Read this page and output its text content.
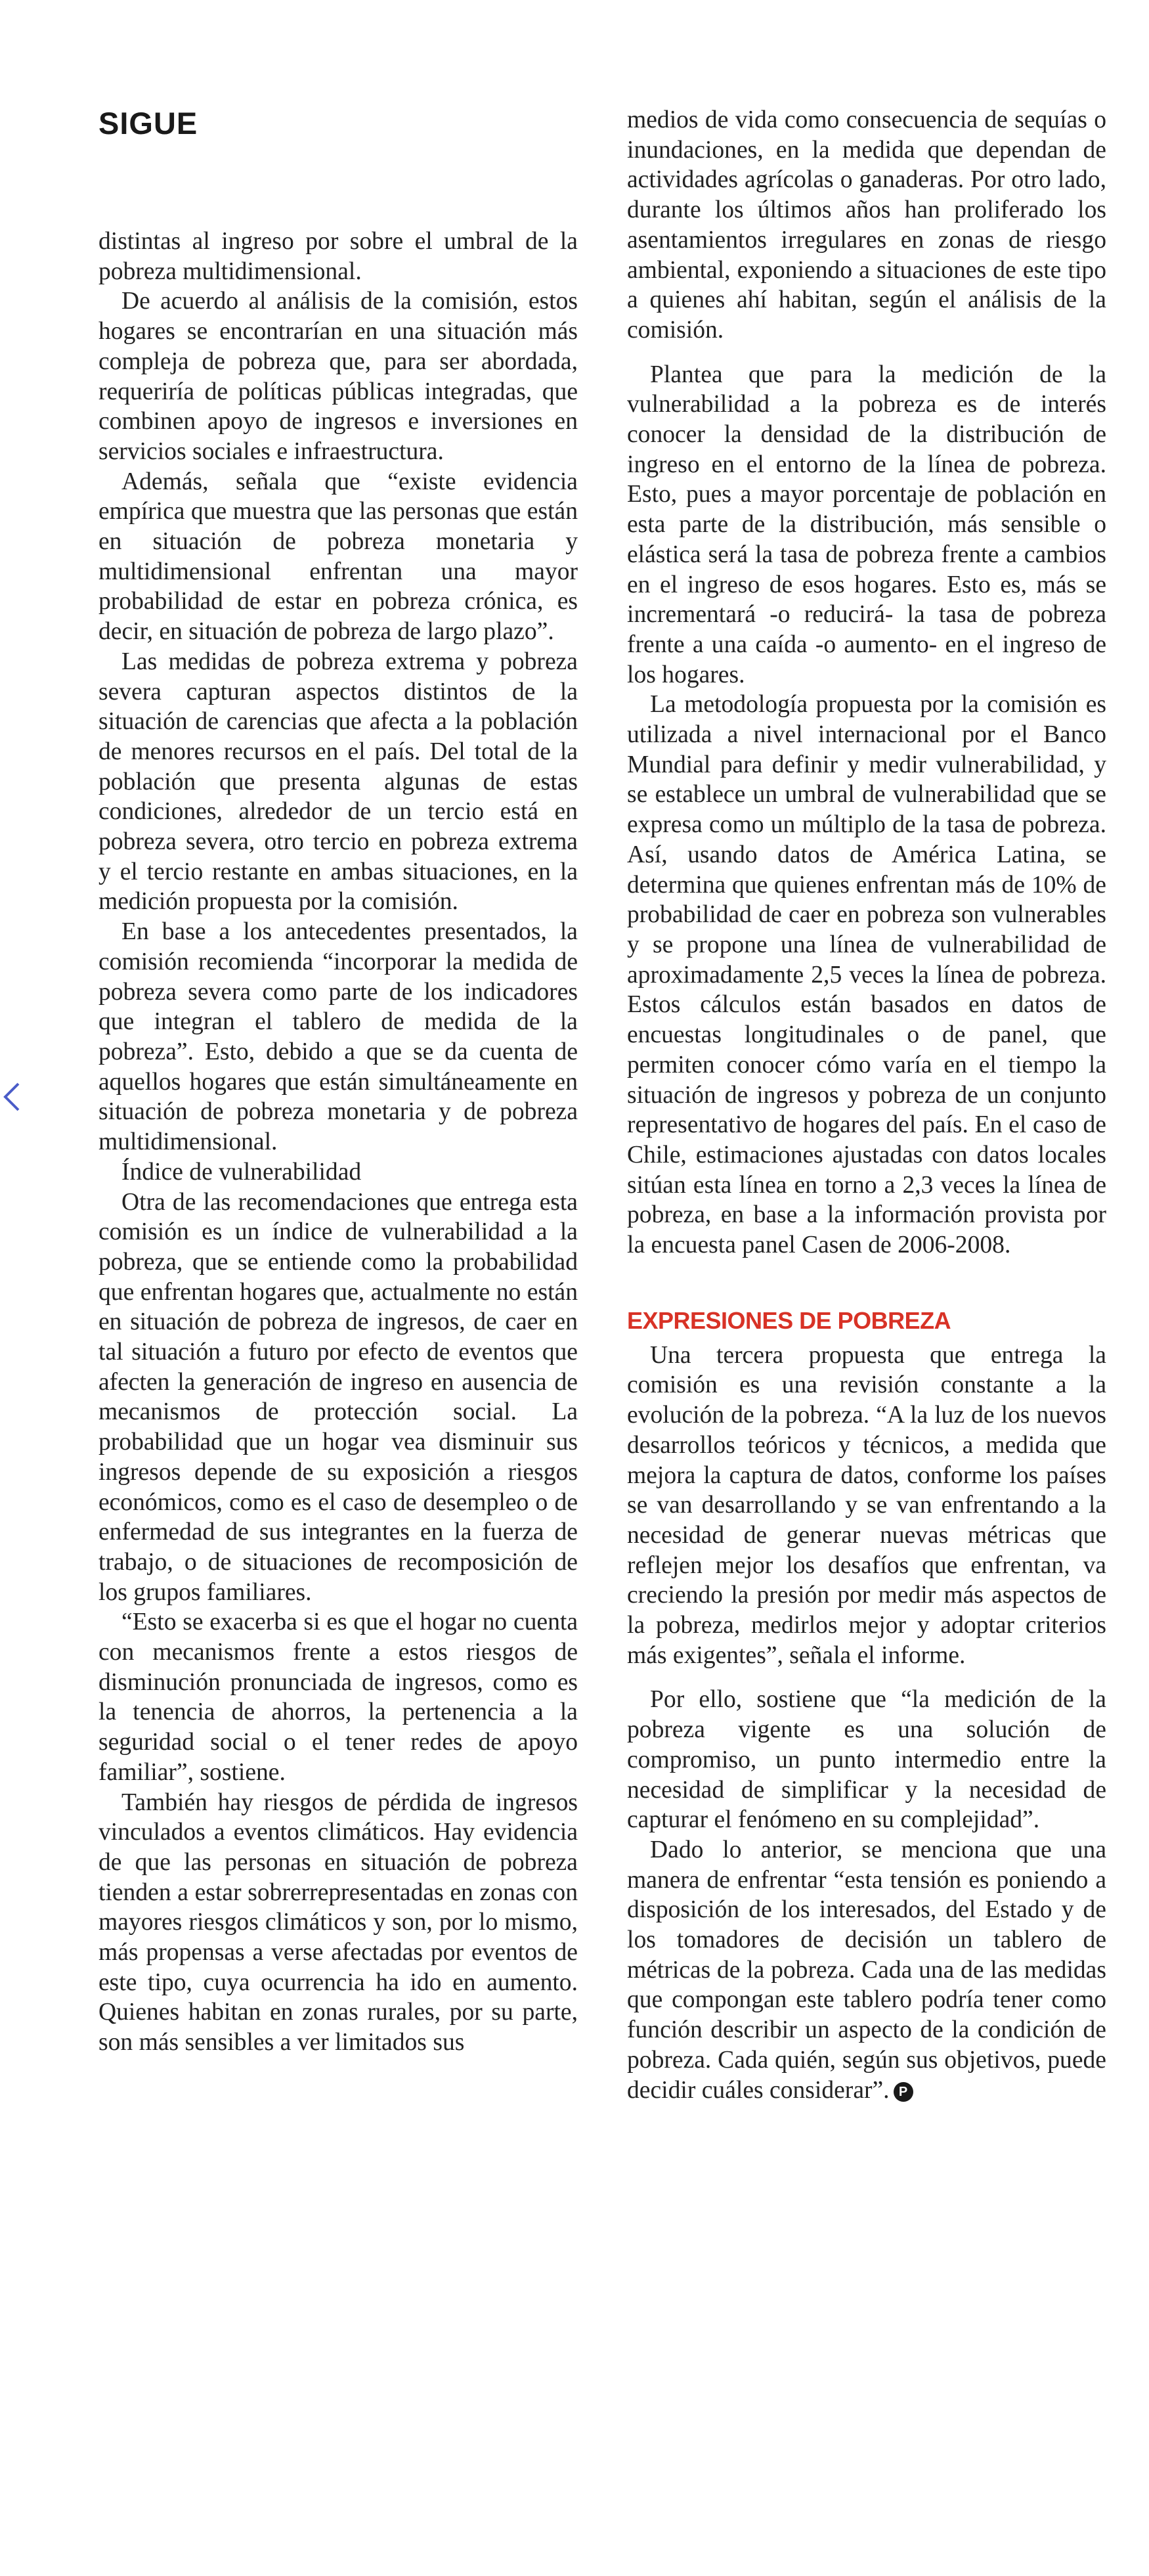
SIGUE

distintas al ingreso por sobre el umbral de la pobreza multidimensional.

De acuerdo al análisis de la comisión, estos hogares se encontrarían en una situación más compleja de pobreza que, para ser abordada, requeriría de políticas públicas integradas, que combinen apoyo de ingresos e inversiones en servicios sociales e infraestructura.

Además, señala que “existe evidencia empírica que muestra que las personas que están en situación de pobreza monetaria y multidimensional enfrentan una mayor probabilidad de estar en pobreza crónica, es decir, en situación de pobreza de largo plazo”.

Las medidas de pobreza extrema y pobreza severa capturan aspectos distintos de la situación de carencias que afecta a la población de menores recursos en el país. Del total de la población que presenta algunas de estas condiciones, alrededor de un tercio está en pobreza severa, otro tercio en pobreza extrema y el tercio restante en ambas situaciones, en la medición propuesta por la comisión.

En base a los antecedentes presentados, la comisión recomienda “incorporar la medida de pobreza severa como parte de los indicadores que integran el tablero de medida de la pobreza”. Esto, debido a que se da cuenta de aquellos hogares que están simultáneamente en situación de pobreza monetaria y de pobreza multidimensional.

Índice de vulnerabilidad

Otra de las recomendaciones que entrega esta comisión es un índice de vulnerabilidad a la pobreza, que se entiende como la probabilidad que enfrentan hogares que, actualmente no están en situación de pobreza de ingresos, de caer en tal situación a futuro por efecto de eventos que afecten la generación de ingreso en ausencia de mecanismos de protección social. La probabilidad que un hogar vea disminuir sus ingresos depende de su exposición a riesgos económicos, como es el caso de desempleo o de enfermedad de sus integrantes en la fuerza de trabajo, o de situaciones de recomposición de los grupos familiares.

“Esto se exacerba si es que el hogar no cuenta con mecanismos frente a estos riesgos de disminución pronunciada de ingresos, como es la tenencia de ahorros, la pertenencia a la seguridad social o el tener redes de apoyo familiar”, sostiene.

También hay riesgos de pérdida de ingresos vinculados a eventos climáticos. Hay evidencia de que las personas en situación de pobreza tienden a estar sobrerrepresentadas en zonas con mayores riesgos climáticos y son, por lo mismo, más propensas a verse afectadas por eventos de este tipo, cuya ocurrencia ha ido en aumento. Quienes habitan en zonas rurales, por su parte, son más sensibles a ver limitados sus

medios de vida como consecuencia de sequías o inundaciones, en la medida que dependan de actividades agrícolas o ganaderas. Por otro lado, durante los últimos años han proliferado los asentamientos irregulares en zonas de riesgo ambiental, exponiendo a situaciones de este tipo a quienes ahí habitan, según el análisis de la comisión.

Plantea que para la medición de la vulnerabilidad a la pobreza es de interés conocer la densidad de la distribución de ingreso en el entorno de la línea de pobreza. Esto, pues a mayor porcentaje de población en esta parte de la distribución, más sensible o elástica será la tasa de pobreza frente a cambios en el ingreso de esos hogares. Esto es, más se incrementará -o reducirá- la tasa de pobreza frente a una caída -o aumento- en el ingreso de los hogares.

La metodología propuesta por la comisión es utilizada a nivel internacional por el Banco Mundial para definir y medir vulnerabilidad, y se establece un umbral de vulnerabilidad que se expresa como un múltiplo de la tasa de pobreza. Así, usando datos de América Latina, se determina que quienes enfrentan más de 10% de probabilidad de caer en pobreza son vulnerables y se propone una línea de vulnerabilidad de aproximadamente 2,5 veces la línea de pobreza. Estos cálculos están basados en datos de encuestas longitudinales o de panel, que permiten conocer cómo varía en el tiempo la situación de ingresos y pobreza de un conjunto representativo de hogares del país. En el caso de Chile, estimaciones ajustadas con datos locales sitúan esta línea en torno a 2,3 veces la línea de pobreza, en base a la información provista por la encuesta panel Casen de 2006-2008.

EXPRESIONES DE POBREZA

Una tercera propuesta que entrega la comisión es una revisión constante a la evolución de la pobreza. “A la luz de los nuevos desarrollos teóricos y técnicos, a medida que mejora la captura de datos, conforme los países se van desarrollando y se van enfrentando a la necesidad de generar nuevas métricas que reflejen mejor los desafíos que enfrentan, va creciendo la presión por medir más aspectos de la pobreza, medirlos mejor y adoptar criterios más exigentes”, señala el informe.

Por ello, sostiene que “la medición de la pobreza vigente es una solución de compromiso, un punto intermedio entre la necesidad de simplificar y la necesidad de capturar el fenómeno en su complejidad”.

Dado lo anterior, se menciona que una manera de enfrentar “esta tensión es poniendo a disposición de los interesados, del Estado y de los tomadores de decisión un tablero de métricas de la pobreza. Cada una de las medidas que compongan este tablero podría tener como función describir un aspecto de la condición de pobreza. Cada quién, según sus objetivos, puede decidir cuáles considerar”. P
